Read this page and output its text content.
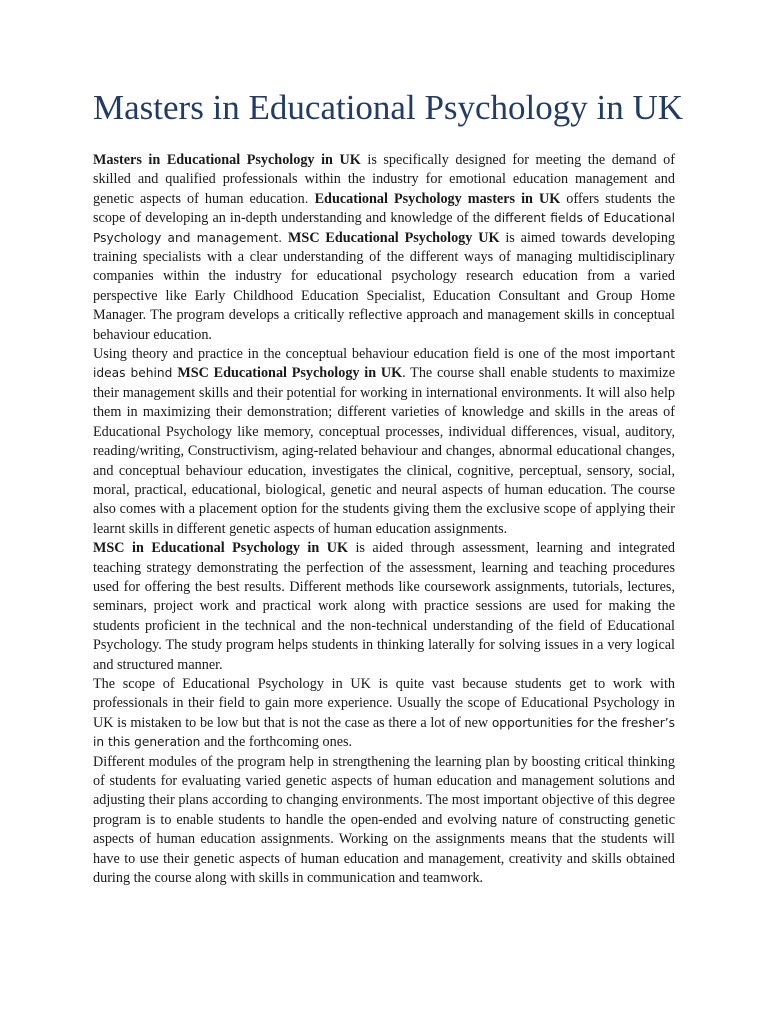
Masters in Educational Psychology in UK

Masters in Educational Psychology in UK is specifically designed for meeting the demand of skilled and qualified professionals within the industry for emotional education management and genetic aspects of human education. Educational Psychology masters in UK offers students the scope of developing an in-depth understanding and knowledge of the different fields of Educational Psychology and management. MSC Educational Psychology UK is aimed towards developing training specialists with a clear understanding of the different ways of managing multidisciplinary companies within the industry for educational psychology research education from a varied perspective like Early Childhood Education Specialist, Education Consultant and Group Home Manager. The program develops a critically reflective approach and management skills in conceptual behaviour education.

Using theory and practice in the conceptual behaviour education field is one of the most important ideas behind MSC Educational Psychology in UK. The course shall enable students to maximize their management skills and their potential for working in international environments. It will also help them in maximizing their demonstration; different varieties of knowledge and skills in the areas of Educational Psychology like memory, conceptual processes, individual differences, visual, auditory, reading/writing, Constructivism, aging-related behaviour and changes, abnormal educational changes, and conceptual behaviour education, investigates the clinical, cognitive, perceptual, sensory, social, moral, practical, educational, biological, genetic and neural aspects of human education. The course also comes with a placement option for the students giving them the exclusive scope of applying their learnt skills in different genetic aspects of human education assignments.

MSC in Educational Psychology in UK is aided through assessment, learning and integrated teaching strategy demonstrating the perfection of the assessment, learning and teaching procedures used for offering the best results. Different methods like coursework assignments, tutorials, lectures, seminars, project work and practical work along with practice sessions are used for making the students proficient in the technical and the non-technical understanding of the field of Educational Psychology. The study program helps students in thinking laterally for solving issues in a very logical and structured manner.

The scope of Educational Psychology in UK is quite vast because students get to work with professionals in their field to gain more experience. Usually the scope of Educational Psychology in UK is mistaken to be low but that is not the case as there a lot of new opportunities for the fresher’s in this generation and the forthcoming ones.

Different modules of the program help in strengthening the learning plan by boosting critical thinking of students for evaluating varied genetic aspects of human education and management solutions and adjusting their plans according to changing environments. The most important objective of this degree program is to enable students to handle the open-ended and evolving nature of constructing genetic aspects of human education assignments. Working on the assignments means that the students will have to use their genetic aspects of human education and management, creativity and skills obtained during the course along with skills in communication and teamwork.
